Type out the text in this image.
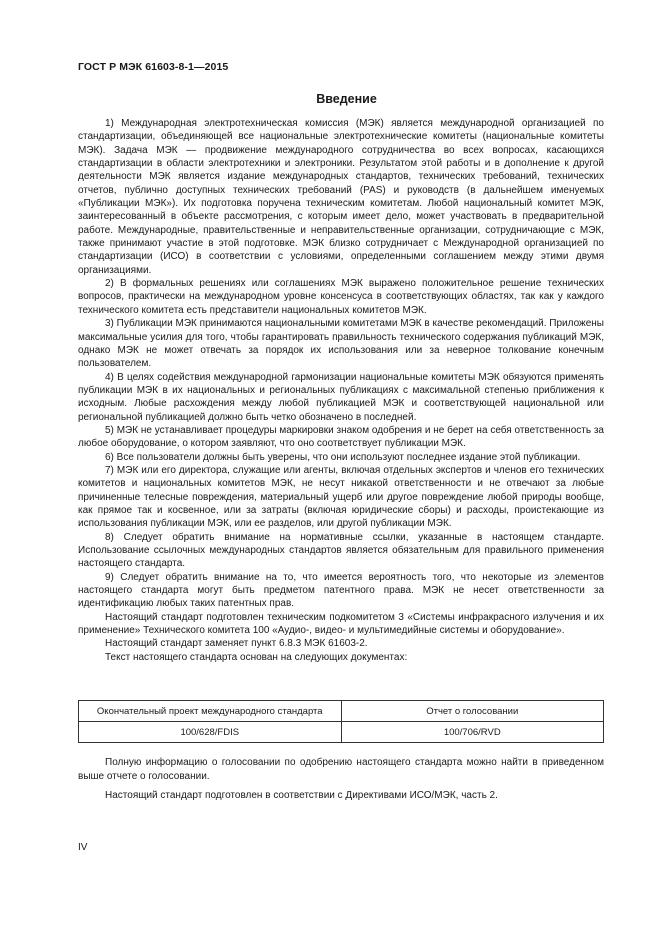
ГОСТ Р МЭК 61603-8-1—2015
Введение

1) Международная электротехническая комиссия (МЭК) является международной организацией по стандартизации, объединяющей все национальные электротехнические комитеты (национальные комитеты МЭК). Задача МЭК — продвижение международного сотрудничества во всех вопросах, касающихся стандартизации в области электротехники и электроники. Результатом этой работы и в дополнение к другой деятельности МЭК является издание международных стандартов, технических требований, технических отчетов, публично доступных технических требований (PAS) и руководств (в дальнейшем именуемых «Публикации МЭК»). Их подготовка поручена техническим комитетам. Любой национальный комитет МЭК, заинтересованный в объекте рассмотрения, с которым имеет дело, может участвовать в предварительной работе. Международные, правительственные и неправительственные организации, сотрудничающие с МЭК, также принимают участие в этой подготовке. МЭК близко сотрудничает с Международной организацией по стандартизации (ИСО) в соответствии с условиями, определенными соглашением между этими двумя организациями.

2) В формальных решениях или соглашениях МЭК выражено положительное решение технических вопросов, практически на международном уровне консенсуса в соответствующих областях, так как у каждого технического комитета есть представители национальных комитетов МЭК.

3) Публикации МЭК принимаются национальными комитетами МЭК в качестве рекомендаций. Приложены максимальные усилия для того, чтобы гарантировать правильность технического содержания публикаций МЭК, однако МЭК не может отвечать за порядок их использования или за неверное толкование конечным пользователем.

4) В целях содействия международной гармонизации национальные комитеты МЭК обязуются применять публикации МЭК в их национальных и региональных публикациях с максимальной степенью приближения к исходным. Любые расхождения между любой публикацией МЭК и соответствующей национальной или региональной публикацией должно быть четко обозначено в последней.

5) МЭК не устанавливает процедуры маркировки знаком одобрения и не берет на себя ответственность за любое оборудование, о котором заявляют, что оно соответствует публикации МЭК.

6) Все пользователи должны быть уверены, что они используют последнее издание этой публикации.

7) МЭК или его директора, служащие или агенты, включая отдельных экспертов и членов его технических комитетов и национальных комитетов МЭК, не несут никакой ответственности и не отвечают за любые причиненные телесные повреждения, материальный ущерб или другое повреждение любой природы вообще, как прямое так и косвенное, или за затраты (включая юридические сборы) и расходы, проистекающие из использования публикации МЭК, или ее разделов, или другой публикации МЭК.

8) Следует обратить внимание на нормативные ссылки, указанные в настоящем стандарте. Использование ссылочных международных стандартов является обязательным для правильного применения настоящего стандарта.

9) Следует обратить внимание на то, что имеется вероятность того, что некоторые из элементов настоящего стандарта могут быть предметом патентного права. МЭК не несет ответственности за идентификацию любых таких патентных прав.

Настоящий стандарт подготовлен техническим подкомитетом 3 «Системы инфракрасного излучения и их применение» Технического комитета 100 «Аудио-, видео- и мультимедийные системы и оборудование».

Настоящий стандарт заменяет пункт 6.8.3 МЭК 61603-2.

Текст настоящего стандарта основан на следующих документах:

Окончательный проект международного стандарта	Отчет о голосовании
100/628/FDIS	100/706/RVD

Полную информацию о голосовании по одобрению настоящего стандарта можно найти в приведенном выше отчете о голосовании.

Настоящий стандарт подготовлен в соответствии с Директивами ИСО/МЭК, часть 2.

IV
